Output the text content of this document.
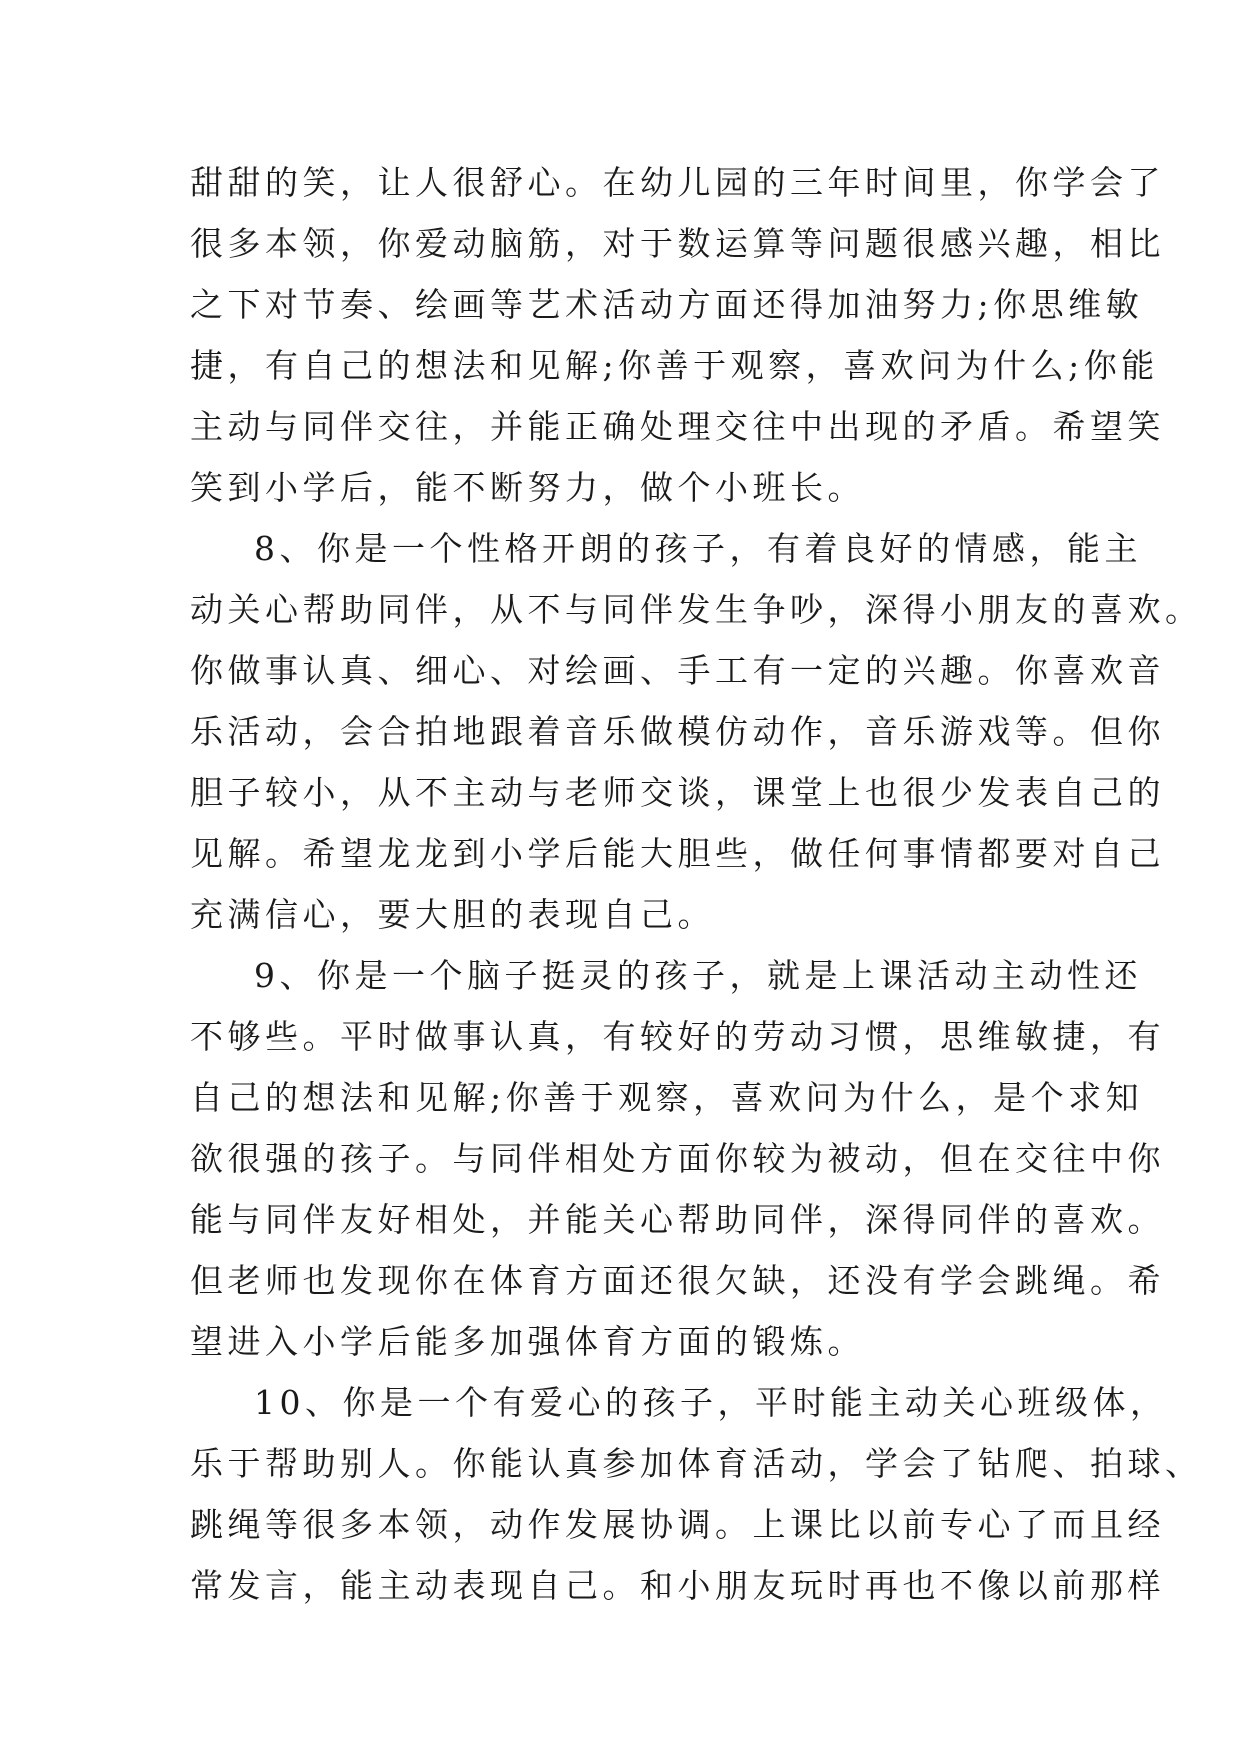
甜甜的笑，让人很舒心。在幼儿园的三年时间里，你学会了
很多本领，你爱动脑筋，对于数运算等问题很感兴趣，相比
之下对节奏、绘画等艺术活动方面还得加油努力;你思维敏
捷，有自己的想法和见解;你善于观察，喜欢问为什么;你能
主动与同伴交往，并能正确处理交往中出现的矛盾。希望笑
笑到小学后，能不断努力，做个小班长。
8、你是一个性格开朗的孩子，有着良好的情感，能主
动关心帮助同伴，从不与同伴发生争吵，深得小朋友的喜欢。
你做事认真、细心、对绘画、手工有一定的兴趣。你喜欢音
乐活动，会合拍地跟着音乐做模仿动作，音乐游戏等。但你
胆子较小，从不主动与老师交谈，课堂上也很少发表自己的
见解。希望龙龙到小学后能大胆些，做任何事情都要对自己
充满信心，要大胆的表现自己。
9、你是一个脑子挺灵的孩子，就是上课活动主动性还
不够些。平时做事认真，有较好的劳动习惯，思维敏捷，有
自己的想法和见解;你善于观察，喜欢问为什么，是个求知
欲很强的孩子。与同伴相处方面你较为被动，但在交往中你
能与同伴友好相处，并能关心帮助同伴，深得同伴的喜欢。
但老师也发现你在体育方面还很欠缺，还没有学会跳绳。希
望进入小学后能多加强体育方面的锻炼。
10、你是一个有爱心的孩子，平时能主动关心班级体，
乐于帮助别人。你能认真参加体育活动，学会了钻爬、拍球、
跳绳等很多本领，动作发展协调。上课比以前专心了而且经
常发言，能主动表现自己。和小朋友玩时再也不像以前那样
